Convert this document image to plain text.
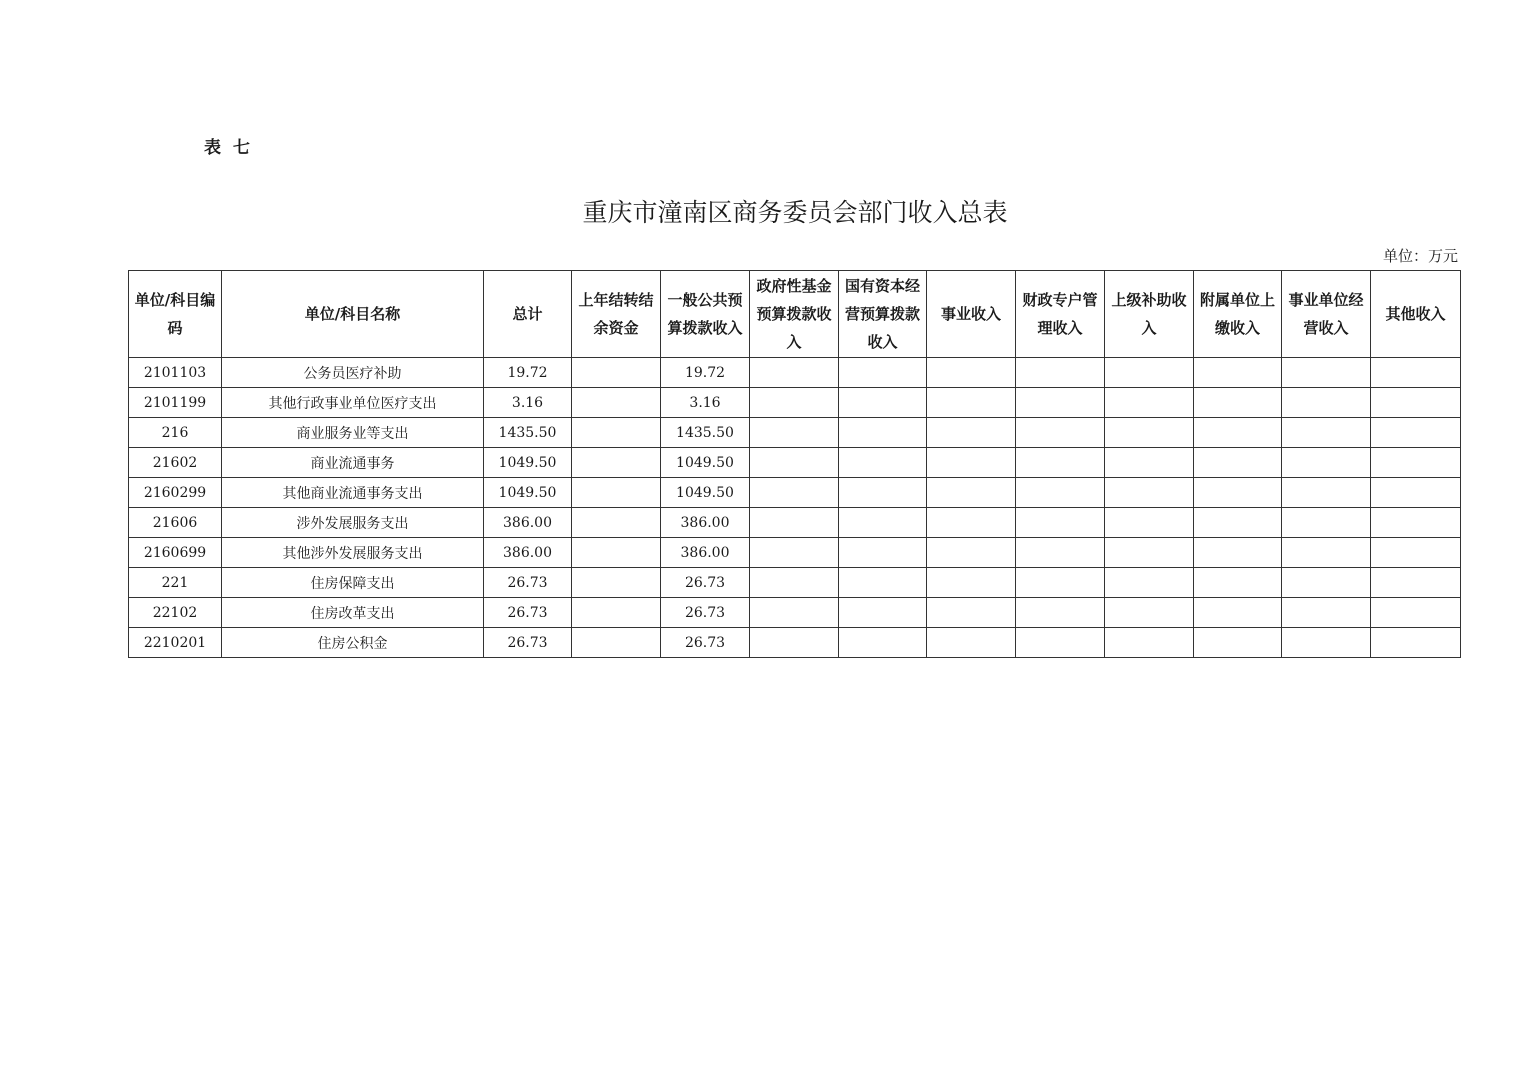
表 七
重庆市潼南区商务委员会部门收入总表
单位：万元
单位/科目编码	单位/科目名称	总计	上年结转结余资金	一般公共预算拨款收入	政府性基金预算拨款收入	国有资本经营预算拨款收入	事业收入	财政专户管理收入	上级补助收入	附属单位上缴收入	事业单位经营收入	其他收入
2101103	公务员医疗补助	19.72		19.72								
2101199	其他行政事业单位医疗支出	3.16		3.16								
216	商业服务业等支出	1435.50		1435.50								
21602	商业流通事务	1049.50		1049.50								
2160299	其他商业流通事务支出	1049.50		1049.50								
21606	涉外发展服务支出	386.00		386.00								
2160699	其他涉外发展服务支出	386.00		386.00								
221	住房保障支出	26.73		26.73								
22102	住房改革支出	26.73		26.73								
2210201	住房公积金	26.73		26.73								
